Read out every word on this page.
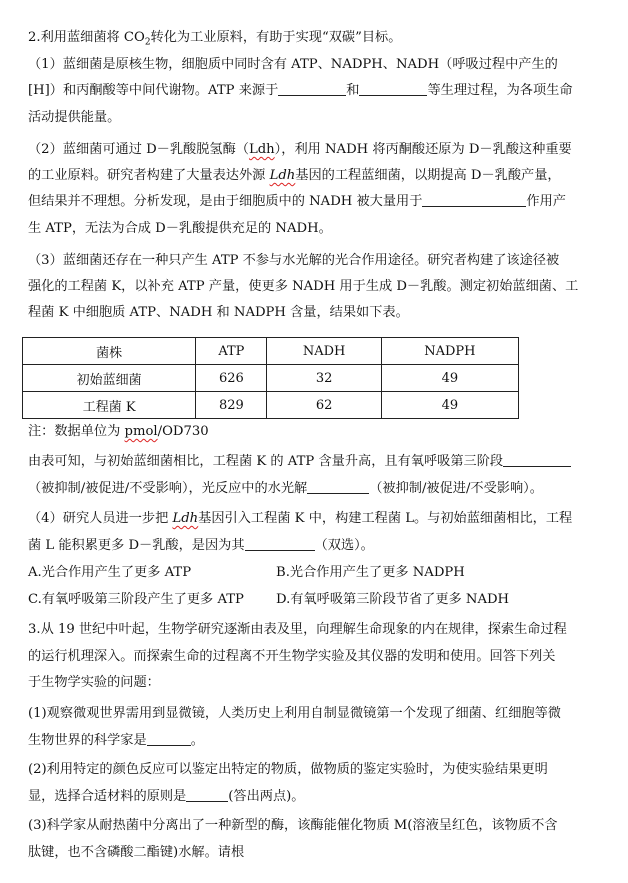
2.利用蓝细菌将 $CO_2$转化为工业原料，有助于实现“双碳”目标。
（1）蓝细菌是原核生物，细胞质中同时含有 ATP、NADPH、NADH（呼吸过程中产生的
[H]）和丙酮酸等中间代谢物。ATP 来源于	和	等生理过程，为各项生命
活动提供能量。
（2）蓝细菌可通过 D－乳酸脱氢酶（Ldh），利用 NADH 将丙酮酸还原为 D－乳酸这种重要
的工业原料。研究者构建了大量表达外源 Ldh基因的工程蓝细菌，以期提高 D－乳酸产量，
但结果并不理想。分析发现，是由于细胞质中的 NADH 被大量用于	作用产
生 ATP，无法为合成 D－乳酸提供充足的 NADH。
（3）蓝细菌还存在一种只产生 ATP 不参与水光解的光合作用途径。研究者构建了该途径被
强化的工程菌 K，以补充 ATP 产量，使更多 NADH 用于生成 D－乳酸。测定初始蓝细菌、工
程菌 K 中细胞质 ATP、NADH 和 NADPH 含量，结果如下表。
菌株	ATP	NADH	NADPH
初始蓝细菌	626	32	49
工程菌 K	829	62	49
注：数据单位为 pmol/OD730
由表可知，与初始蓝细菌相比，工程菌 K 的 ATP 含量升高，且有氧呼吸第三阶段
（被抑制/被促进/不受影响），光反应中的水光解	（被抑制/被促进/不受影响）。
（4）研究人员进一步把 Ldh基因引入工程菌 K 中，构建工程菌 L。与初始蓝细菌相比，工程
菌 L 能积累更多 D－乳酸，是因为其	（双选）。
A.光合作用产生了更多 ATP	B.光合作用产生了更多 NADPH
C.有氧呼吸第三阶段产生了更多 ATP D.有氧呼吸第三阶段节省了更多 NADH
3.从 19 世纪中叶起，生物学研究逐渐由表及里，向理解生命现象的内在规律，探索生命过程
的运行机理深入。而探索生命的过程离不开生物学实验及其仪器的发明和使用。回答下列关
于生物学实验的问题：
(1)观察微观世界需用到显微镜，人类历史上利用自制显微镜第一个发现了细菌、红细胞等微
生物世界的科学家是	。
(2)利用特定的颜色反应可以鉴定出特定的物质，做物质的鉴定实验时，为使实验结果更明
显，选择合适材料的原则是	(答出两点)。
(3)科学家从耐热菌中分离出了一种新型的酶，该酶能催化物质 M(溶液呈红色，该物质不含
肽键，也不含磷酸二酯键)水解。请根
